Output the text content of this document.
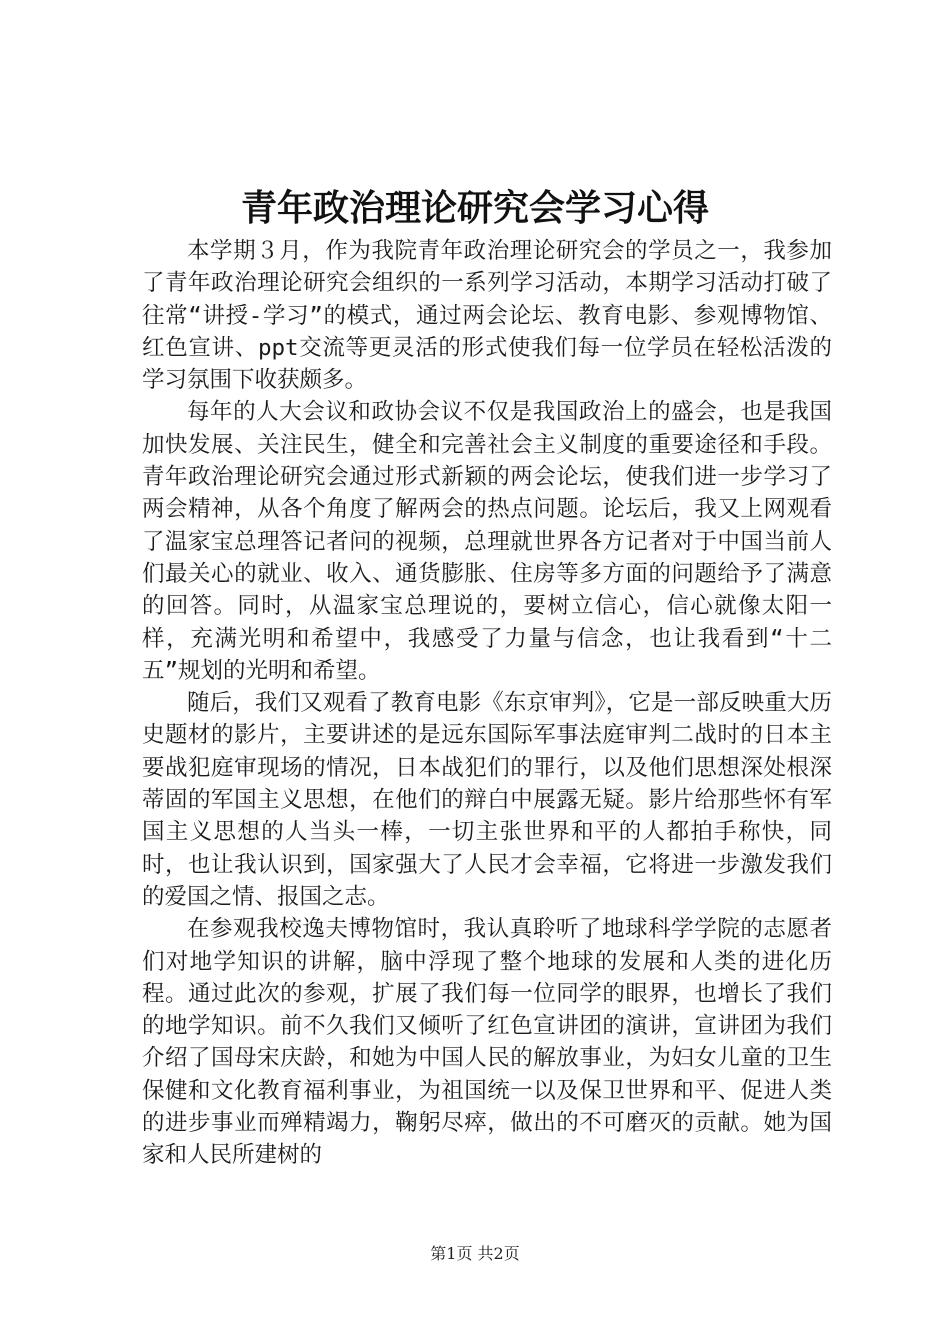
青年政治理论研究会学习心得

本学期３月，作为我院青年政治理论研究会的学员之一，我参加了青年政治理论研究会组织的一系列学习活动，本期学习活动打破了往常“讲授-学习”的模式，通过两会论坛、教育电影、参观博物馆、红色宣讲、ppt交流等更灵活的形式使我们每一位学员在轻松活泼的学习氛围下收获颇多。

每年的人大会议和政协会议不仅是我国政治上的盛会，也是我国加快发展、关注民生，健全和完善社会主义制度的重要途径和手段。青年政治理论研究会通过形式新颖的两会论坛，使我们进一步学习了两会精神，从各个角度了解两会的热点问题。论坛后，我又上网观看了温家宝总理答记者问的视频，总理就世界各方记者对于中国当前人们最关心的就业、收入、通货膨胀、住房等多方面的问题给予了满意的回答。同时，从温家宝总理说的，要树立信心，信心就像太阳一样，充满光明和希望中，我感受了力量与信念，也让我看到“十二五”规划的光明和希望。

随后，我们又观看了教育电影《东京审判》，它是一部反映重大历史题材的影片，主要讲述的是远东国际军事法庭审判二战时的日本主要战犯庭审现场的情况，日本战犯们的罪行，以及他们思想深处根深蒂固的军国主义思想，在他们的辩白中展露无疑。影片给那些怀有军国主义思想的人当头一棒，一切主张世界和平的人都拍手称快，同时，也让我认识到，国家强大了人民才会幸福，它将进一步激发我们的爱国之情、报国之志。

在参观我校逸夫博物馆时，我认真聆听了地球科学学院的志愿者们对地学知识的讲解，脑中浮现了整个地球的发展和人类的进化历程。通过此次的参观，扩展了我们每一位同学的眼界，也增长了我们的地学知识。前不久我们又倾听了红色宣讲团的演讲，宣讲团为我们介绍了国母宋庆龄，和她为中国人民的解放事业，为妇女儿童的卫生保健和文化教育福利事业，为祖国统一以及保卫世界和平、促进人类的进步事业而殚精竭力，鞠躬尽瘁，做出的不可磨灭的贡献。她为国家和人民所建树的

第1页 共2页
